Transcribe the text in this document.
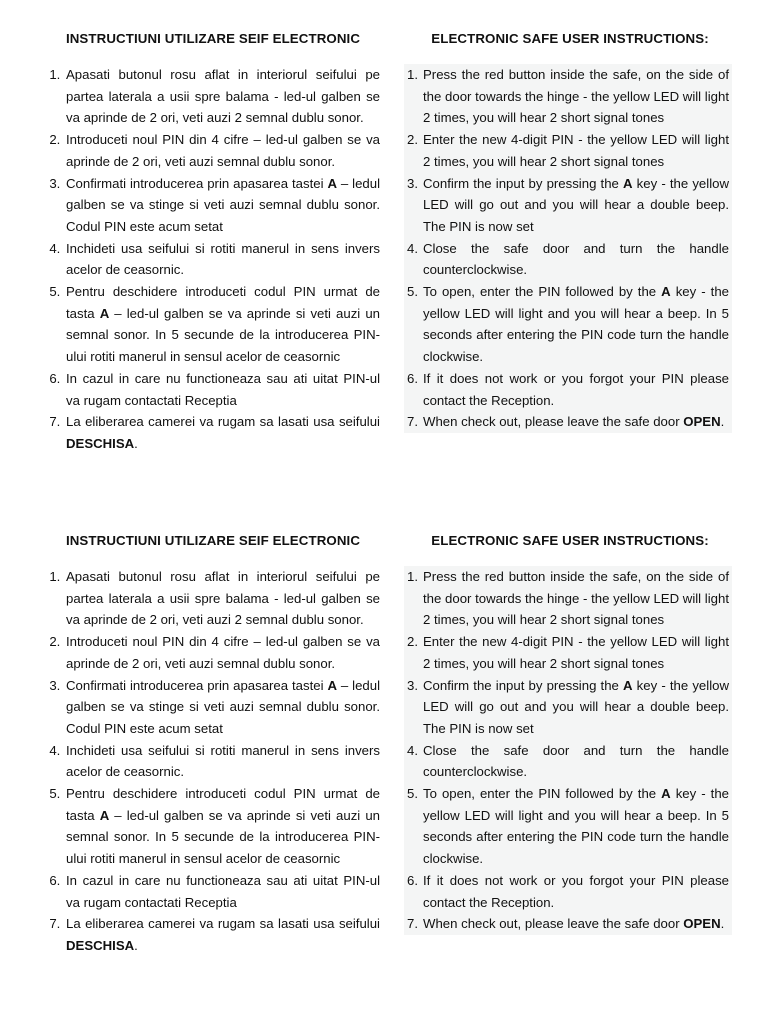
INSTRUCTIUNI UTILIZARE SEIF ELECTRONIC

1. Apasati butonul rosu aflat in interiorul seifului pe partea laterala a usii spre balama - led-ul galben se va aprinde de 2 ori, veti auzi 2 semnal dublu sonor.
2. Introduceti noul PIN din 4 cifre – led-ul galben se va aprinde de 2 ori, veti auzi semnal dublu sonor.
3. Confirmati introducerea prin apasarea tastei A – ledul galben se va stinge si veti auzi semnal dublu sonor. Codul PIN este acum setat
4. Inchideti usa seifului si rotiti manerul in sens invers acelor de ceasornic.
5. Pentru deschidere introduceti codul PIN urmat de tasta A – led-ul galben se va aprinde si veti auzi un semnal sonor. In 5 secunde de la introducerea PIN-ului rotiti manerul in sensul acelor de ceasornic
6. In cazul in care nu functioneaza sau ati uitat PIN-ul va rugam contactati Receptia
7. La eliberarea camerei va rugam sa lasati usa seifului DESCHISA.

ELECTRONIC SAFE USER INSTRUCTIONS:

1. Press the red button inside the safe, on the side of the door towards the hinge - the yellow LED will light 2 times, you will hear 2 short signal tones
2. Enter the new 4-digit PIN - the yellow LED will light 2 times, you will hear 2 short signal tones
3. Confirm the input by pressing the A key - the yellow LED will go out and you will hear a double beep. The PIN is now set
4. Close the safe door and turn the handle counterclockwise.
5. To open, enter the PIN followed by the A key - the yellow LED will light and you will hear a beep. In 5 seconds after entering the PIN code turn the handle clockwise.
6. If it does not work or you forgot your PIN please contact the Reception.
7. When check out, please leave the safe door OPEN.

INSTRUCTIUNI UTILIZARE SEIF ELECTRONIC

1. Apasati butonul rosu aflat in interiorul seifului pe partea laterala a usii spre balama - led-ul galben se va aprinde de 2 ori, veti auzi 2 semnal dublu sonor.
2. Introduceti noul PIN din 4 cifre – led-ul galben se va aprinde de 2 ori, veti auzi semnal dublu sonor.
3. Confirmati introducerea prin apasarea tastei A – ledul galben se va stinge si veti auzi semnal dublu sonor. Codul PIN este acum setat
4. Inchideti usa seifului si rotiti manerul in sens invers acelor de ceasornic.
5. Pentru deschidere introduceti codul PIN urmat de tasta A – led-ul galben se va aprinde si veti auzi un semnal sonor. In 5 secunde de la introducerea PIN-ului rotiti manerul in sensul acelor de ceasornic
6. In cazul in care nu functioneaza sau ati uitat PIN-ul va rugam contactati Receptia
7. La eliberarea camerei va rugam sa lasati usa seifului DESCHISA.

ELECTRONIC SAFE USER INSTRUCTIONS:

1. Press the red button inside the safe, on the side of the door towards the hinge - the yellow LED will light 2 times, you will hear 2 short signal tones
2. Enter the new 4-digit PIN - the yellow LED will light 2 times, you will hear 2 short signal tones
3. Confirm the input by pressing the A key - the yellow LED will go out and you will hear a double beep. The PIN is now set
4. Close the safe door and turn the handle counterclockwise.
5. To open, enter the PIN followed by the A key - the yellow LED will light and you will hear a beep. In 5 seconds after entering the PIN code turn the handle clockwise.
6. If it does not work or you forgot your PIN please contact the Reception.
7. When check out, please leave the safe door OPEN.
